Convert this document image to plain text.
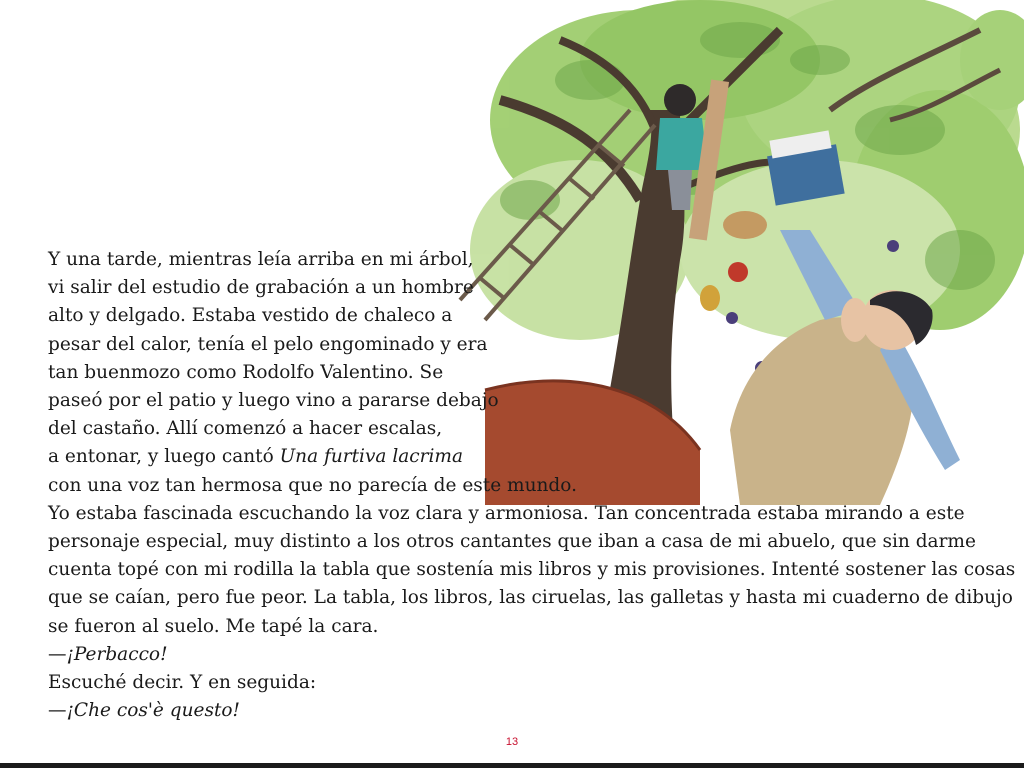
Y una tarde, mientras leía arriba en mi árbol,
vi salir del estudio de grabación a un hombre
alto y delgado. Estaba vestido de chaleco a
pesar del calor, tenía el pelo engominado y era
tan buenmozo como Rodolfo Valentino. Se
paseó por el patio y luego vino a pararse debajo
del castaño. Allí comenzó a hacer escalas,
a entonar, y luego cantó Una furtiva lacrima
con una voz tan hermosa que no parecía de este mundo.
Yo estaba fascinada escuchando la voz clara y armoniosa. Tan concentrada estaba mirando a este
personaje especial, muy distinto a los otros cantantes que iban a casa de mi abuelo, que sin darme
cuenta topé con mi rodilla la tabla que sostenía mis libros y mis provisiones. Intenté sostener las cosas
que se caían, pero fue peor. La tabla, los libros, las ciruelas, las galletas y hasta mi cuaderno de dibujo
se fueron al suelo. Me tapé la cara.
—¡Perbacco!
Escuché decir. Y en seguida:
—¡Che cos'è questo!
13
